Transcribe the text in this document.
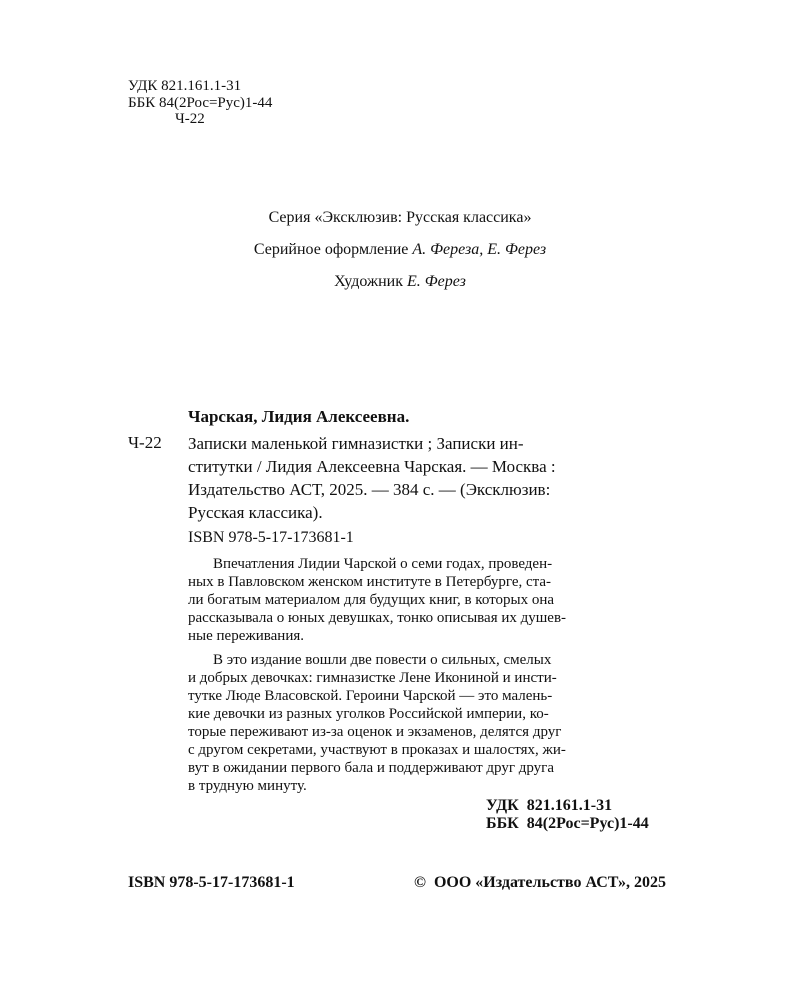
УДК 821.161.1-31
ББК 84(2Рос=Рус)1-44
Ч-22
Серия «Эксклюзив: Русская классика»
Серийное оформление А. Фереза, Е. Ферез
Художник Е. Ферез
Чарская, Лидия Алексеевна.
Ч-22 Записки маленькой гимназистки ; Записки ин-
ститутки / Лидия Алексеевна Чарская. — Москва :
Издательство АСТ, 2025. — 384 с. — (Эксклюзив:
Русская классика).
ISBN 978-5-17-173681-1
Впечатления Лидии Чарской о семи годах, проведен-
ных в Павловском женском институте в Петербурге, ста-
ли богатым материалом для будущих книг, в которых она
рассказывала о юных девушках, тонко описывая их душев-
ные переживания.
В это издание вошли две повести о сильных, смелых
и добрых девочках: гимназистке Лене Икониной и инсти-
тутке Люде Власовской. Героини Чарской — это малень-
кие девочки из разных уголков Российской империи, ко-
торые переживают из-за оценок и экзаменов, делятся друг
с другом секретами, участвуют в проказах и шалостях, жи-
вут в ожидании первого бала и поддерживают друг друга
в трудную минуту.
УДК  821.161.1-31
ББК  84(2Рос=Рус)1-44
ISBN 978-5-17-173681-1	©  ООО «Издательство АСТ», 2025
